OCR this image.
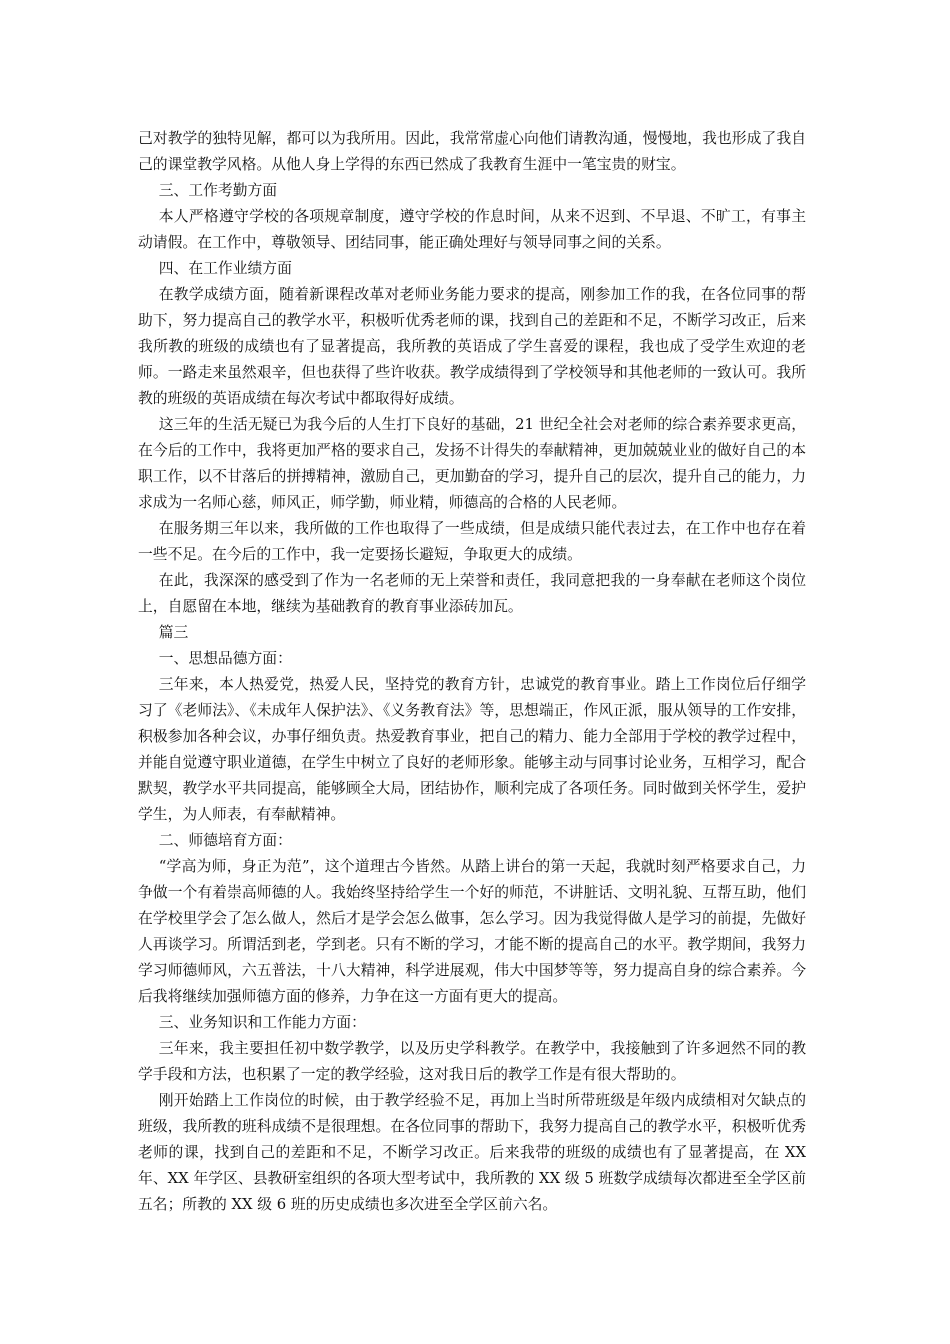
己对教学的独特见解，都可以为我所用。因此，我常常虚心向他们请教沟通，慢慢地，我也形成了我自己的课堂教学风格。从他人身上学得的东西已然成了我教育生涯中一笔宝贵的财宝。

三、工作考勤方面

本人严格遵守学校的各项规章制度，遵守学校的作息时间，从来不迟到、不早退、不旷工，有事主动请假。在工作中，尊敬领导、团结同事，能正确处理好与领导同事之间的关系。

四、在工作业绩方面

在教学成绩方面，随着新课程改革对老师业务能力要求的提高，刚参加工作的我，在各位同事的帮助下，努力提高自己的教学水平，积极听优秀老师的课，找到自己的差距和不足，不断学习改正，后来我所教的班级的成绩也有了显著提高，我所教的英语成了学生喜爱的课程，我也成了受学生欢迎的老师。一路走来虽然艰辛，但也获得了些许收获。教学成绩得到了学校领导和其他老师的一致认可。我所教的班级的英语成绩在每次考试中都取得好成绩。

这三年的生活无疑已为我今后的人生打下良好的基础，21 世纪全社会对老师的综合素养要求更高，在今后的工作中，我将更加严格的要求自己，发扬不计得失的奉献精神，更加兢兢业业的做好自己的本职工作，以不甘落后的拼搏精神，激励自己，更加勤奋的学习，提升自己的层次，提升自己的能力，力求成为一名师心慈，师风正，师学勤，师业精，师德高的合格的人民老师。

在服务期三年以来，我所做的工作也取得了一些成绩，但是成绩只能代表过去，在工作中也存在着一些不足。在今后的工作中，我一定要扬长避短，争取更大的成绩。

在此，我深深的感受到了作为一名老师的无上荣誉和责任，我同意把我的一身奉献在老师这个岗位上，自愿留在本地，继续为基础教育的教育事业添砖加瓦。

篇三

一、思想品德方面：

三年来，本人热爱党，热爱人民，坚持党的教育方针，忠诚党的教育事业。踏上工作岗位后仔细学习了《老师法》、《未成年人保护法》、《义务教育法》等，思想端正，作风正派，服从领导的工作安排，积极参加各种会议，办事仔细负责。热爱教育事业，把自己的精力、能力全部用于学校的教学过程中，并能自觉遵守职业道德，在学生中树立了良好的老师形象。能够主动与同事讨论业务，互相学习，配合默契，教学水平共同提高，能够顾全大局，团结协作，顺利完成了各项任务。同时做到关怀学生，爱护学生，为人师表，有奉献精神。

二、师德培育方面：

“学高为师，身正为范”，这个道理古今皆然。从踏上讲台的第一天起，我就时刻严格要求自己，力争做一个有着崇高师德的人。我始终坚持给学生一个好的师范，不讲脏话、文明礼貌、互帮互助，他们在学校里学会了怎么做人，然后才是学会怎么做事，怎么学习。因为我觉得做人是学习的前提，先做好人再谈学习。所谓活到老，学到老。只有不断的学习，才能不断的提高自己的水平。教学期间，我努力学习师德师风，六五普法，十八大精神，科学进展观，伟大中国梦等等，努力提高自身的综合素养。今后我将继续加强师德方面的修养，力争在这一方面有更大的提高。

三、业务知识和工作能力方面：

三年来，我主要担任初中数学教学，以及历史学科教学。在教学中，我接触到了许多迥然不同的教学手段和方法，也积累了一定的教学经验，这对我日后的教学工作是有很大帮助的。

刚开始踏上工作岗位的时候，由于教学经验不足，再加上当时所带班级是年级内成绩相对欠缺点的班级，我所教的班科成绩不是很理想。在各位同事的帮助下，我努力提高自己的教学水平，积极听优秀老师的课，找到自己的差距和不足，不断学习改正。后来我带的班级的成绩也有了显著提高，在 XX 年、XX 年学区、县教研室组织的各项大型考试中，我所教的 XX 级 5 班数学成绩每次都进至全学区前五名；所教的 XX 级 6 班的历史成绩也多次进至全学区前六名。
